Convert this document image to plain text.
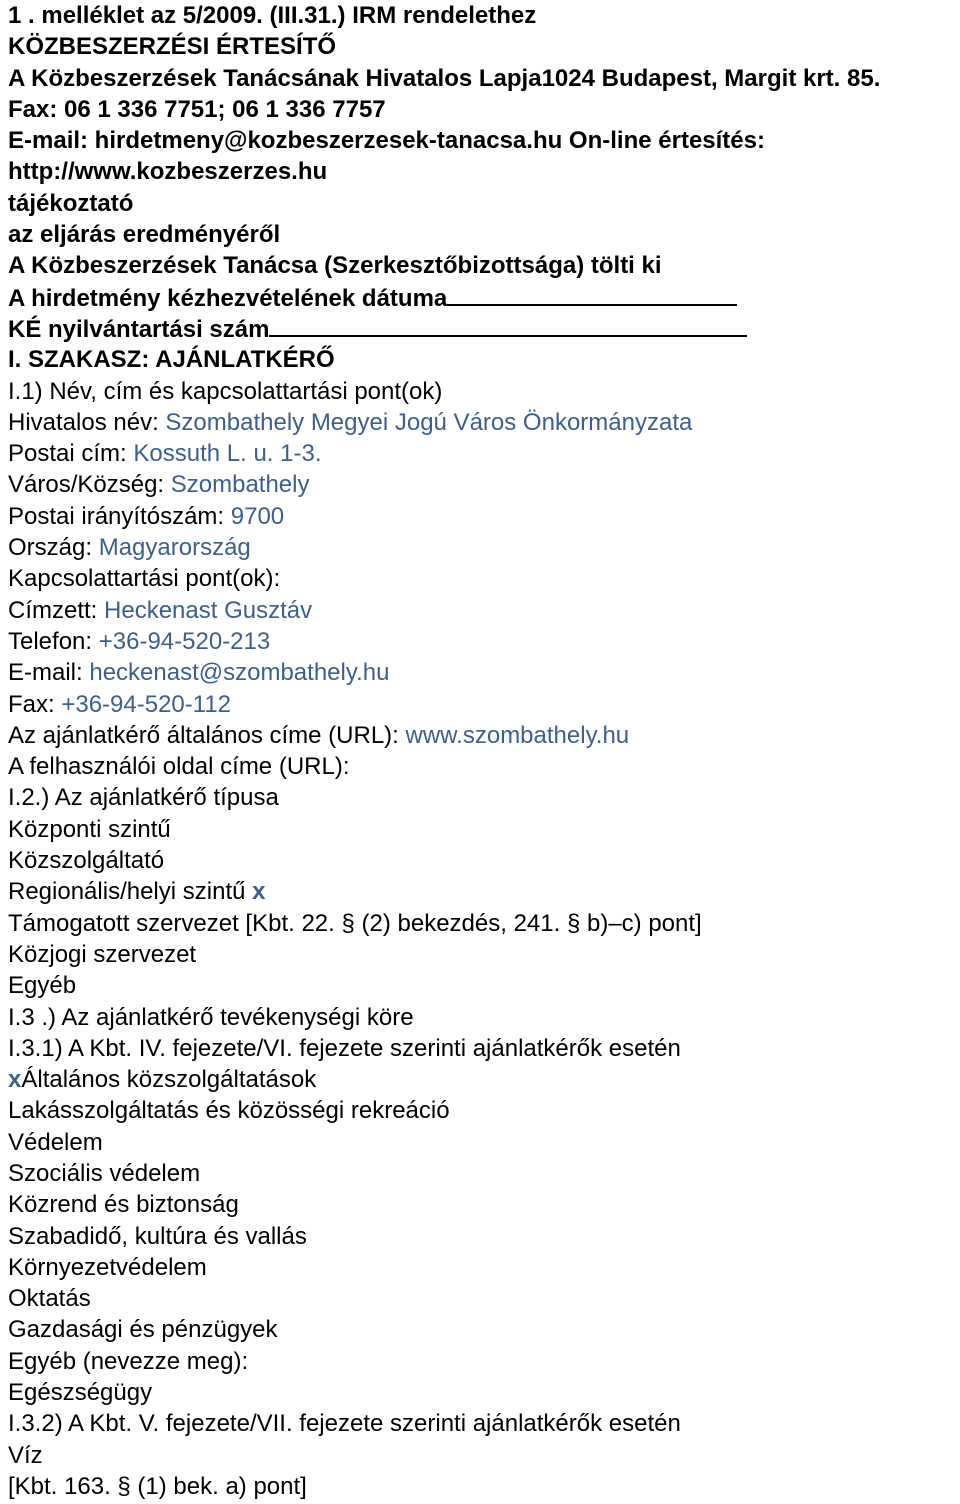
1 . melléklet az 5/2009. (III.31.) IRM rendelethez
KÖZBESZERZÉSI ÉRTESÍTŐ
A Közbeszerzések Tanácsának Hivatalos Lapja1024 Budapest, Margit krt. 85.
Fax: 06 1 336 7751; 06 1 336 7757
E-mail: hirdetmeny@kozbeszerzesek-tanacsa.hu On-line értesítés:
http://www.kozbeszerzes.hu
tájékoztató
az eljárás eredményéről
A Közbeszerzések Tanácsa (Szerkesztőbizottsága) tölti ki
A hirdetmény kézhezvételének dátuma
KÉ nyilvántartási szám
I. SZAKASZ: AJÁNLATKÉRŐ
I.1) Név, cím és kapcsolattartási pont(ok)
Hivatalos név: Szombathely Megyei Jogú Város Önkormányzata
Postai cím: Kossuth L. u. 1-3.
Város/Község: Szombathely
Postai irányítószám: 9700
Ország: Magyarország
Kapcsolattartási pont(ok):
Címzett: Heckenast Gusztáv
Telefon: +36-94-520-213
E-mail: heckenast@szombathely.hu
Fax: +36-94-520-112
Az ajánlatkérő általános címe (URL): www.szombathely.hu
A felhasználói oldal címe (URL):
I.2.) Az ajánlatkérő típusa
Központi szintű
Közszolgáltató
Regionális/helyi szintű x
Támogatott szervezet [Kbt. 22. § (2) bekezdés, 241. § b)–c) pont]
Közjogi szervezet
Egyéb
I.3 .) Az ajánlatkérő tevékenységi köre
I.3.1) A Kbt. IV. fejezete/VI. fejezete szerinti ajánlatkérők esetén
xÁltalános közszolgáltatások
Lakásszolgáltatás és közösségi rekreáció
Védelem
Szociális védelem
Közrend és biztonság
Szabadidő, kultúra és vallás
Környezetvédelem
Oktatás
Gazdasági és pénzügyek
Egyéb (nevezze meg):
Egészségügy
I.3.2) A Kbt. V. fejezete/VII. fejezete szerinti ajánlatkérők esetén
Víz
[Kbt. 163. § (1) bek. a) pont]
